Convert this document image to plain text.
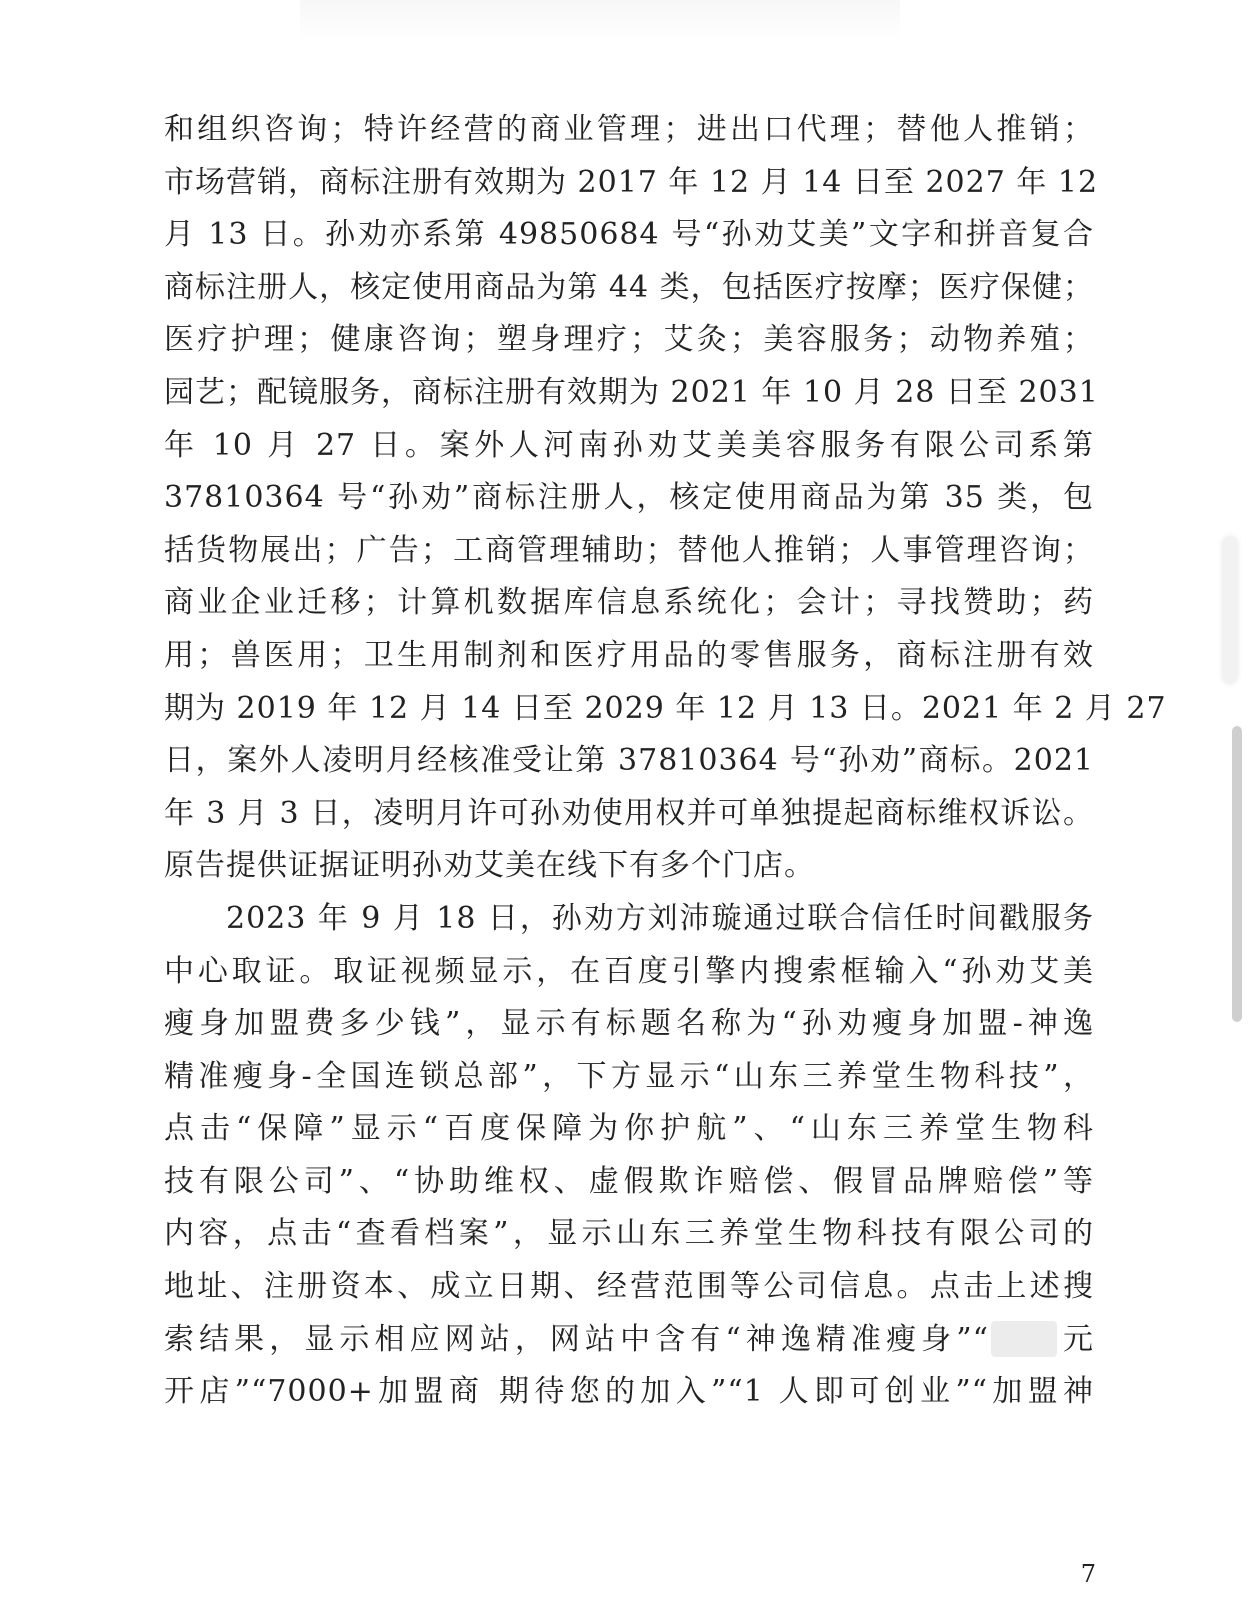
和组织咨询；特许经营的商业管理；进出口代理；替他人推销；
市场营销，商标注册有效期为 2017 年 12 月 14 日至 2027 年 12
月 13 日。孙劝亦系第 49850684 号“孙劝艾美”文字和拼音复合
商标注册人，核定使用商品为第 44 类，包括医疗按摩；医疗保健；
医疗护理；健康咨询；塑身理疗；艾灸；美容服务；动物养殖；
园艺；配镜服务，商标注册有效期为 2021 年 10 月 28 日至 2031
年 10 月 27 日。案外人河南孙劝艾美美容服务有限公司系第
37810364 号“孙劝”商标注册人，核定使用商品为第 35 类，包
括货物展出；广告；工商管理辅助；替他人推销；人事管理咨询；
商业企业迁移；计算机数据库信息系统化；会计；寻找赞助；药
用；兽医用；卫生用制剂和医疗用品的零售服务，商标注册有效
期为 2019 年 12 月 14 日至 2029 年 12 月 13 日。2021 年 2 月 27
日，案外人凌明月经核准受让第 37810364 号“孙劝”商标。2021
年 3 月 3 日，凌明月许可孙劝使用权并可单独提起商标维权诉讼。
原告提供证据证明孙劝艾美在线下有多个门店。
2023 年 9 月 18 日，孙劝方刘沛璇通过联合信任时间戳服务
中心取证。取证视频显示，在百度引擎内搜索框输入“孙劝艾美
瘦身加盟费多少钱”，显示有标题名称为“孙劝瘦身加盟-神逸
精准瘦身-全国连锁总部”，下方显示“山东三养堂生物科技”，
点击“保障”显示“百度保障为你护航”、“山东三养堂生物科
技有限公司”、“协助维权、虚假欺诈赔偿、假冒品牌赔偿”等
内容，点击“查看档案”，显示山东三养堂生物科技有限公司的
地址、注册资本、成立日期、经营范围等公司信息。点击上述搜
索结果，显示相应网站，网站中含有“神逸精准瘦身”“ 元
开店”“7000+加盟商 期待您的加入”“1 人即可创业”“加盟神
7
